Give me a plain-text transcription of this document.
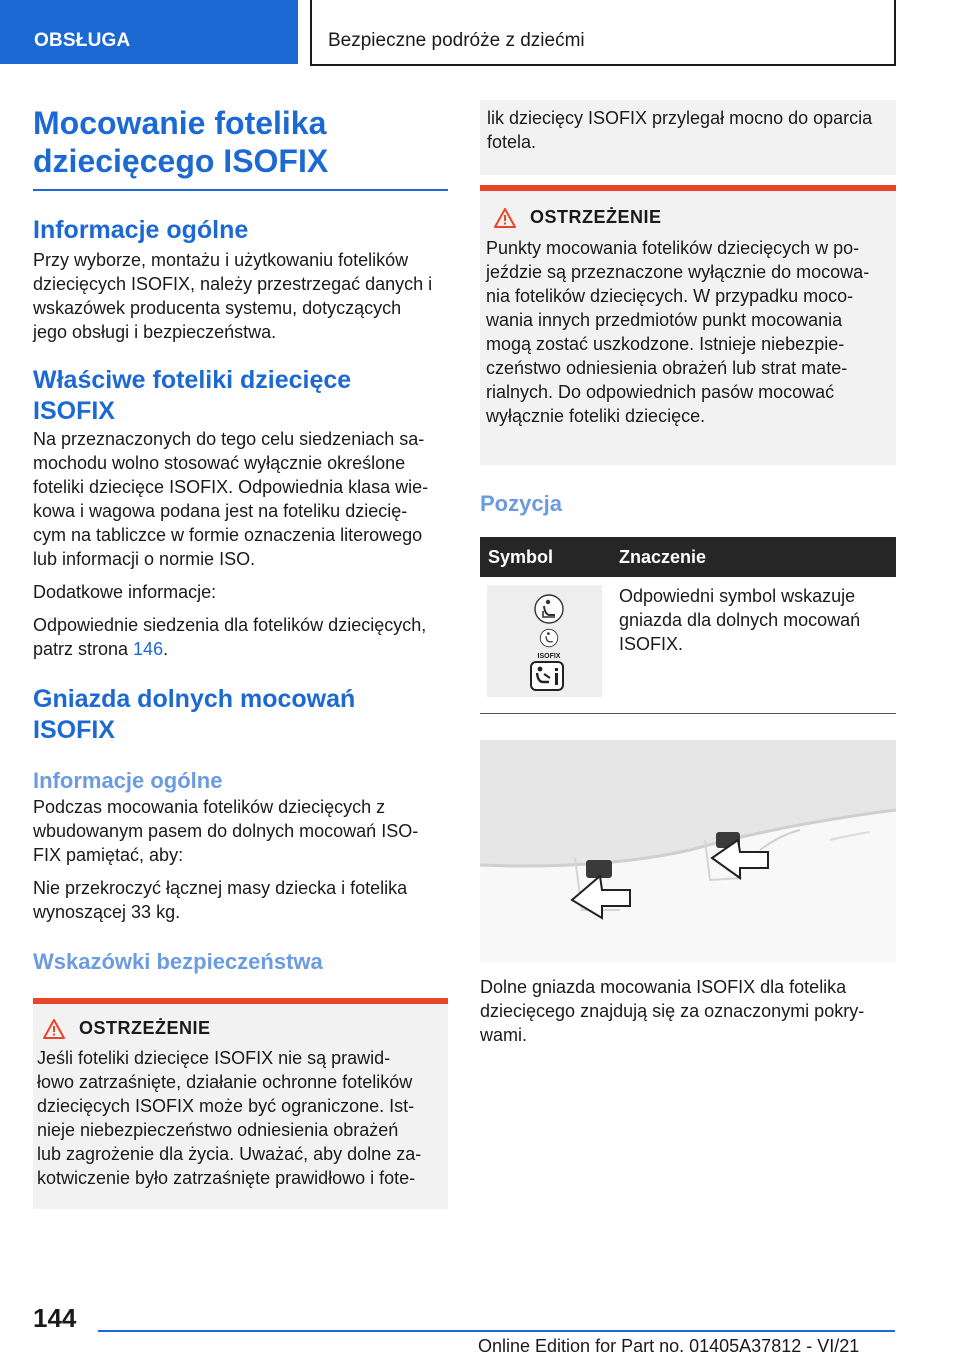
OBSŁUGA	Bezpieczne podróże z dziećmi
Mocowanie fotelika
dziecięcego ISOFIX
Informacje ogólne
Przy wyborze, montażu i użytkowaniu fotelików
dziecięcych ISOFIX, należy przestrzegać danych i
wskazówek producenta systemu, dotyczących
jego obsługi i bezpieczeństwa.
Właściwe foteliki dziecięce
ISOFIX
Na przeznaczonych do tego celu siedzeniach sa-
mochodu wolno stosować wyłącznie określone
foteliki dziecięce ISOFIX. Odpowiednia klasa wie-
kowa i wagowa podana jest na foteliku dziecię-
cym na tabliczce w formie oznaczenia literowego
lub informacji o normie ISO.
Dodatkowe informacje:
Odpowiednie siedzenia dla fotelików dziecięcych,
patrz strona 146.
Gniazda dolnych mocowań
ISOFIX
Informacje ogólne
Podczas mocowania fotelików dziecięcych z
wbudowanym pasem do dolnych mocowań ISO-
FIX pamiętać, aby:
Nie przekroczyć łącznej masy dziecka i fotelika
wynoszącej 33 kg.
Wskazówki bezpieczeństwa
OSTRZEŻENIE
Jeśli foteliki dziecięce ISOFIX nie są prawid-
łowo zatrzaśnięte, działanie ochronne fotelików
dziecięcych ISOFIX może być ograniczone. Ist-
nieje niebezpieczeństwo odniesienia obrażeń
lub zagrożenie dla życia. Uważać, aby dolne za-
kotwiczenie było zatrzaśnięte prawidłowo i fote-
lik dziecięcy ISOFIX przylegał mocno do oparcia
fotela.
OSTRZEŻENIE
Punkty mocowania fotelików dziecięcych w po-
jeździe są przeznaczone wyłącznie do mocowa-
nia fotelików dziecięcych. W przypadku moco-
wania innych przedmiotów punkt mocowania
mogą zostać uszkodzone. Istnieje niebezpie-
czeństwo odniesienia obrażeń lub strat mate-
rialnych. Do odpowiednich pasów mocować
wyłącznie foteliki dziecięce.
Pozycja
Symbol	Znaczenie

ISOFIX	Odpowiedni symbol wskazuje
gniazda dla dolnych mocowań
ISOFIX.
Dolne gniazda mocowania ISOFIX dla fotelika
dziecięcego znajdują się za oznaczonymi pokry-
wami.
144
Online Edition for Part no. 01405A37812 - VI/21
